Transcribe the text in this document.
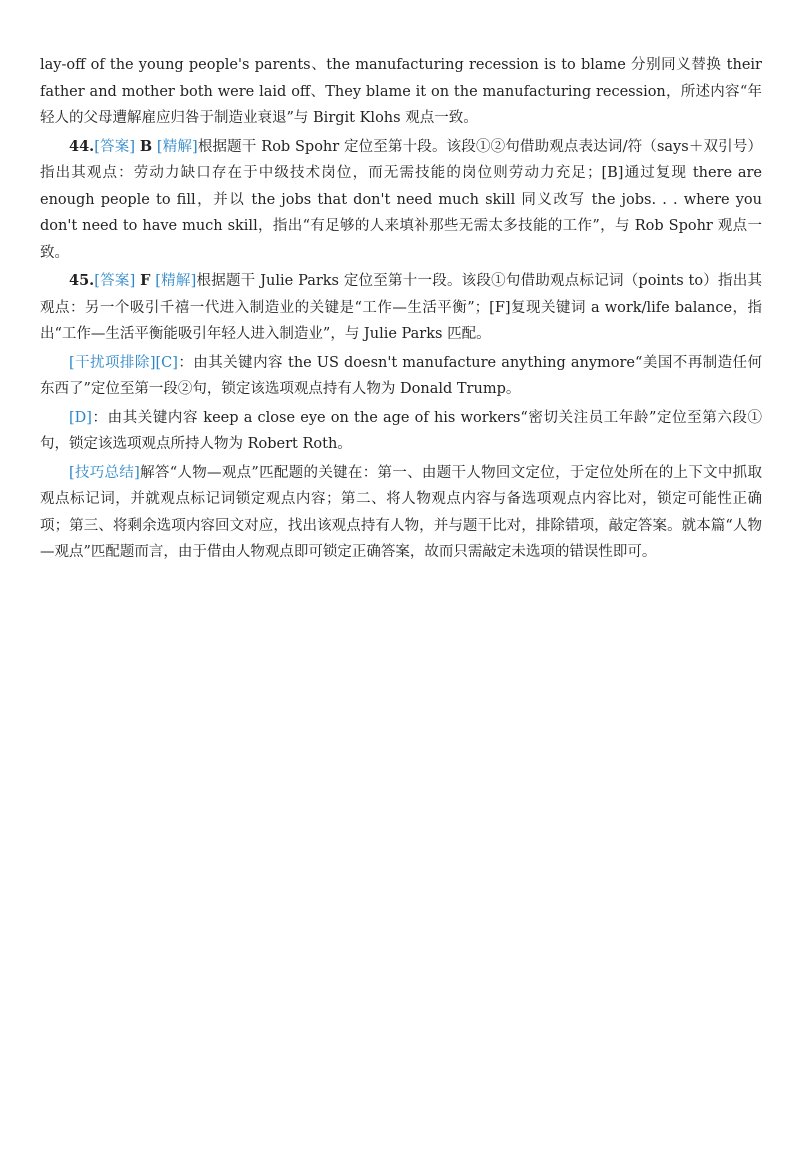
lay-off of the young people's parents、the manufacturing recession is to blame 分别同义替换 their father and mother both were laid off、They blame it on the manufacturing recession，所述内容“年轻人的父母遭解雇应归咎于制造业衰退”与 Birgit Klohs 观点一致。

44.[答案] B [精解]根据题干 Rob Spohr 定位至第十段。该段①②句借助观点表达词/符（says＋双引号）指出其观点：劳动力缺口存在于中级技术岗位，而无需技能的岗位则劳动力充足；[B]通过复现 there are enough people to fill，并以 the jobs that don't need much skill 同义改写 the jobs. . . where you don't need to have much skill，指出“有足够的人来填补那些无需太多技能的工作”，与 Rob Spohr 观点一致。

45.[答案] F [精解]根据题干 Julie Parks 定位至第十一段。该段①句借助观点标记词（points to）指出其观点：另一个吸引千禧一代进入制造业的关键是“工作—生活平衡”；[F]复现关键词 a work/life balance，指出“工作—生活平衡能吸引年轻人进入制造业”，与 Julie Parks 匹配。

[干扰项排除][C]：由其关键内容 the US doesn't manufacture anything anymore“美国不再制造任何东西了”定位至第一段②句，锁定该选项观点持有人物为 Donald Trump。

[D]：由其关键内容 keep a close eye on the age of his workers“密切关注员工年龄”定位至第六段①句，锁定该选项观点所持人物为 Robert Roth。

[技巧总结]解答“人物—观点”匹配题的关键在：第一、由题干人物回文定位，于定位处所在的上下文中抓取观点标记词，并就观点标记词锁定观点内容；第二、将人物观点内容与备选项观点内容比对，锁定可能性正确项；第三、将剩余选项内容回文对应，找出该观点持有人物，并与题干比对，排除错项，敲定答案。就本篇“人物—观点”匹配题而言，由于借由人物观点即可锁定正确答案，故而只需敲定未选项的错误性即可。
